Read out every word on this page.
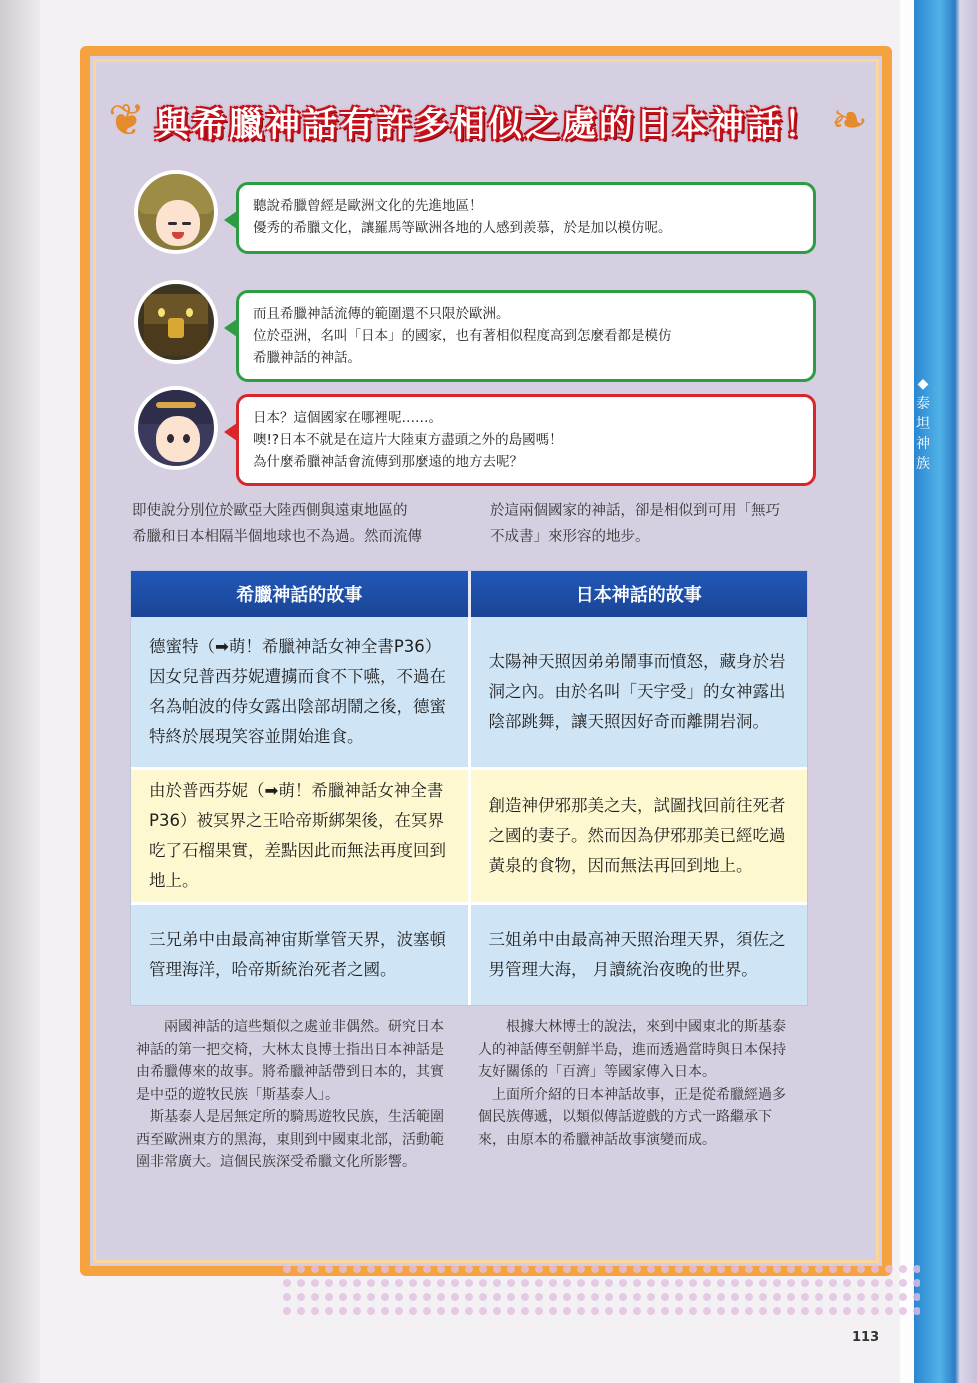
◆
泰
坦
神
族
❦ 與希臘神話有許多相似之處的日本神話！ ❧
聽說希臘曾經是歐洲文化的先進地區！
優秀的希臘文化，讓羅馬等歐洲各地的人感到羨慕，於是加以模仿呢。
而且希臘神話流傳的範圍還不只限於歐洲。
位於亞洲，名叫「日本」的國家，也有著相似程度高到怎麼看都是模仿
希臘神話的神話。
日本？這個國家在哪裡呢……。
噢!?日本不就是在這片大陸東方盡頭之外的島國嗎！
為什麼希臘神話會流傳到那麼遠的地方去呢？
即使說分別位於歐亞大陸西側與遠東地區的
希臘和日本相隔半個地球也不為過。然而流傳
於這兩個國家的神話，卻是相似到可用「無巧
不成書」來形容的地步。
希臘神話的故事	日本神話的故事
德蜜特（➡萌！希臘神話女神全書P36）因女兒普西芬妮遭擄而食不下嚥，不過在名為帕波的侍女露出陰部胡鬧之後，德蜜特終於展現笑容並開始進食。
太陽神天照因弟弟鬧事而憤怒，藏身於岩洞之內。由於名叫「天宇受」的女神露出陰部跳舞，讓天照因好奇而離開岩洞。
由於普西芬妮（➡萌！希臘神話女神全書P36）被冥界之王哈帝斯綁架後，在冥界吃了石榴果實，差點因此而無法再度回到地上。
創造神伊邪那美之夫，試圖找回前往死者之國的妻子。然而因為伊邪那美已經吃過黃泉的食物，因而無法再回到地上。
三兄弟中由最高神宙斯掌管天界，波塞頓管理海洋，哈帝斯統治死者之國。
三姐弟中由最高神天照治理天界，須佐之男管理大海， 月讀統治夜晚的世界。
兩國神話的這些類似之處並非偶然。研究日本神話的第一把交椅，大林太良博士指出日本神話是由希臘傳來的故事。將希臘神話帶到日本的，其實是中亞的遊牧民族「斯基泰人」。
斯基泰人是居無定所的騎馬遊牧民族，生活範圍西至歐洲東方的黑海，東則到中國東北部，活動範圍非常廣大。這個民族深受希臘文化所影響。
根據大林博士的說法，來到中國東北的斯基泰人的神話傳至朝鮮半島，進而透過當時與日本保持友好關係的「百濟」等國家傳入日本。
上面所介紹的日本神話故事，正是從希臘經過多個民族傳遞，以類似傳話遊戲的方式一路繼承下來，由原本的希臘神話故事演變而成。
113
